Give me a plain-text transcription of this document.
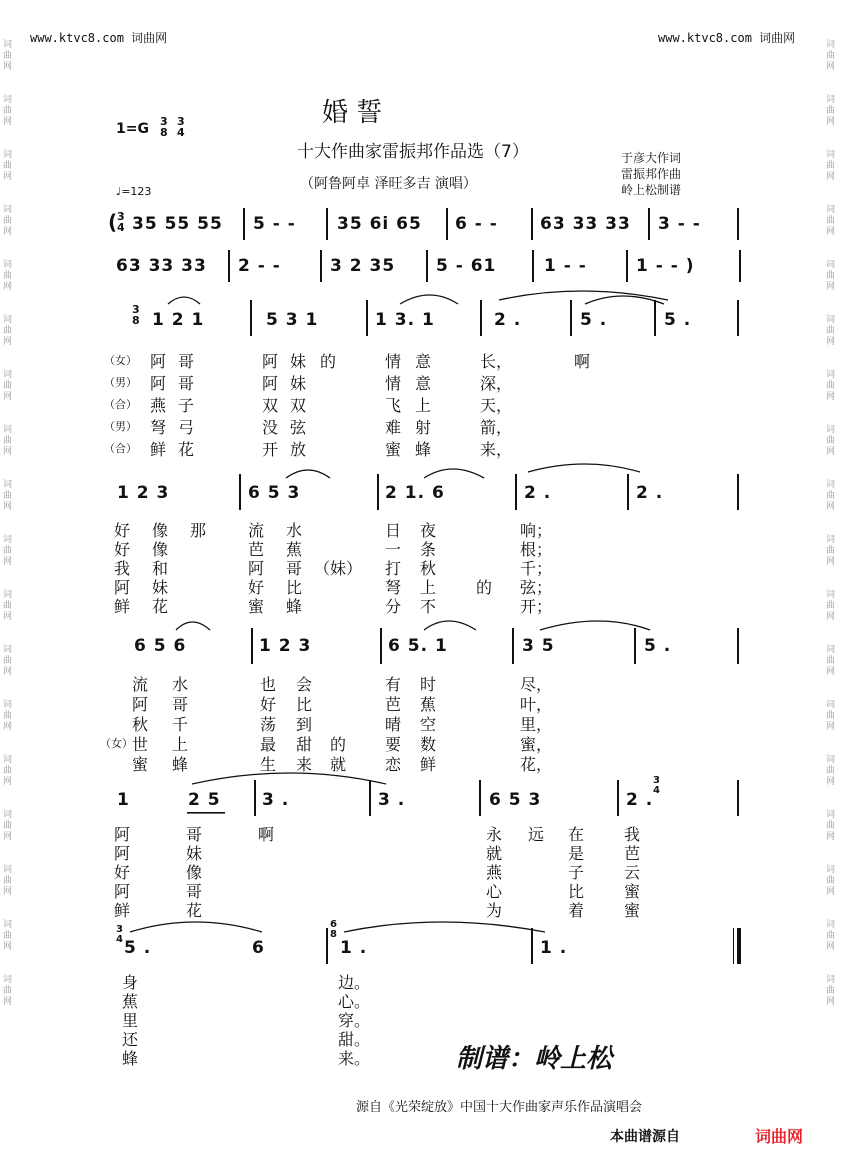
词
曲
网

词
曲
网

词
曲
网

词
曲
网

词
曲
网

词
曲
网

词
曲
网

词
曲
网

词
曲
网

词
曲
网

词
曲
网

词
曲
网

词
曲
网

词
曲
网

词
曲
网

词
曲
网

词
曲
网

词
曲
网

词
曲
网

词
曲
网

词
曲
网

词
曲
网

词
曲
网

词
曲
网

词
曲
网

词
曲
网

词
曲
网

词
曲
网

词
曲
网

词
曲
网

词
曲
网

词
曲
网

词
曲
网

词
曲
网

词
曲
网

词
曲
网

www.ktvc8.com 词曲网	www.ktvc8.com 词曲网
婚 誓
十大作曲家雷振邦作品选（7）
（阿鲁阿卓 泽旺多吉 演唱）
1=G 3
8
3
4
♩=123
于彦大作词
雷振邦作曲
岭上松制谱
(
3
4 35 55 55 5 - - 35 6i 65 6 - - 63 33 33 3 - -
63 33 33 2 - -	3 2 35 5 - 61	1 - -	1 - - )
3
8 1 2 1	5 3 1	1 3. 1	2 .	5 .	5 .
（女） 阿 哥	阿 妹 的	情 意	长，	啊
（男） 阿 哥	阿 妹	情 意	深，
（合） 燕 子	双 双	飞 上	天，
（男） 弩 弓	没 弦	难 射	箭，
（合） 鲜 花	开 放	蜜 蜂	来，
1 2 3	6 5 3	2 1. 6	2 .	2 .
好 像 那	流 水	日 夜	响；
好 像	芭 蕉	一 条	根；
我 和	阿 哥 （妹） 打 秋	千；
阿 妹	好 比	弩 上 的 弦；
鲜 花	蜜 蜂	分 不	开；
6 5 6	1 2 3	6 5. 1	3 5	5 .
流 水	也 会	有 时	尽，
阿 哥	好 比	芭 蕉	叶，
秋 千	荡 到	晴 空	里，
世 上	最 甜 的 要 数	蜜，
蜜 蜂	生 来 就 恋 鲜	花，
（女）
1	2 5 3 .	3 .	6 5 3	2 .
3
4
阿	哥	啊	永 远 在 我
阿	妹	就	是 芭
好	像	燕	子 云
阿	哥	心	比 蜜
鲜	花	为	着 蜜
3
4 5 .	6
6
8
1 .	1 .
身	边。
蕉	心。
里	穿。
还	甜。
蜂	来。	制谱：岭上松
源自《光荣绽放》中国十大作曲家声乐作品演唱会
本曲谱源自	词曲网
